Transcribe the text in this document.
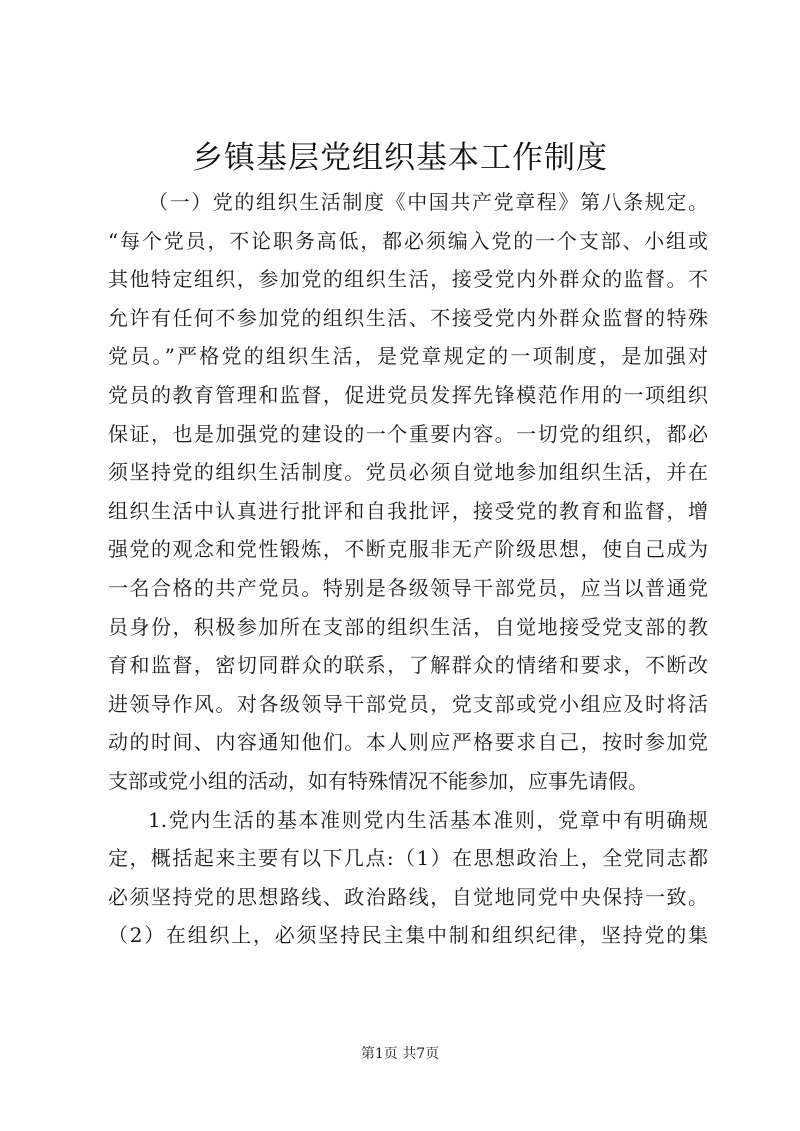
乡镇基层党组织基本工作制度
（一）党的组织生活制度《中国共产党章程》第八条规定。
“每个党员，不论职务高低，都必须编入党的一个支部、小组或
其他特定组织，参加党的组织生活，接受党内外群众的监督。不
允许有任何不参加党的组织生活、不接受党内外群众监督的特殊
党员。”严格党的组织生活，是党章规定的一项制度，是加强对
党员的教育管理和监督，促进党员发挥先锋模范作用的一项组织
保证，也是加强党的建设的一个重要内容。一切党的组织，都必
须坚持党的组织生活制度。党员必须自觉地参加组织生活，并在
组织生活中认真进行批评和自我批评，接受党的教育和监督，增
强党的观念和党性锻炼，不断克服非无产阶级思想，使自己成为
一名合格的共产党员。特别是各级领导干部党员，应当以普通党
员身份，积极参加所在支部的组织生活，自觉地接受党支部的教
育和监督，密切同群众的联系，了解群众的情绪和要求，不断改
进领导作风。对各级领导干部党员，党支部或党小组应及时将活
动的时间、内容通知他们。本人则应严格要求自己，按时参加党
支部或党小组的活动，如有特殊情况不能参加，应事先请假。
1.党内生活的基本准则党内生活基本准则，党章中有明确规
定，概括起来主要有以下几点:（1）在思想政治上，全党同志都
必须坚持党的思想路线、政治路线，自觉地同党中央保持一致。
（2）在组织上，必须坚持民主集中制和组织纪律，坚持党的集
第1页 共7页
